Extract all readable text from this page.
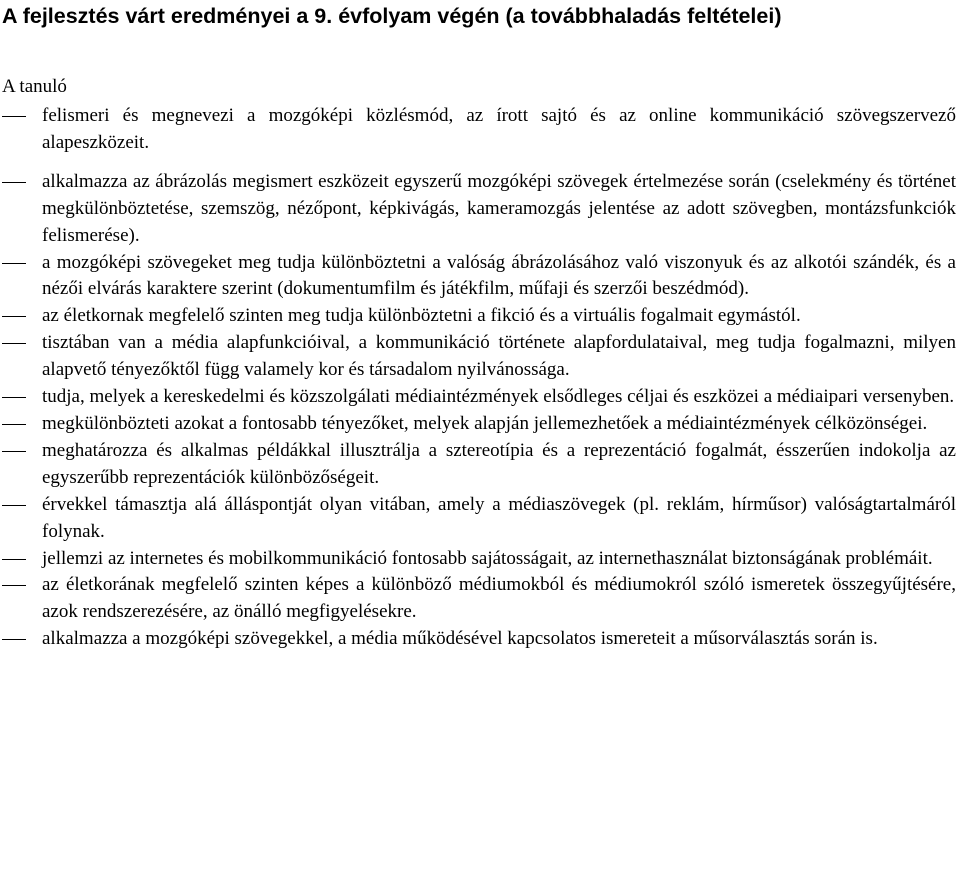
A fejlesztés várt eredményei a 9. évfolyam végén (a továbbhaladás feltételei)

A tanuló

felismeri és megnevezi a mozgóképi közlésmód, az írott sajtó és az online kommunikáció szövegszervező alapeszközeit.
alkalmazza az ábrázolás megismert eszközeit egyszerű mozgóképi szövegek értelmezése során (cselekmény és történet megkülönböztetése, szemszög, nézőpont, képkivágás, kameramozgás jelentése az adott szövegben, montázsfunkciók felismerése).
a mozgóképi szövegeket meg tudja különböztetni a valóság ábrázolásához való viszonyuk és az alkotói szándék, és a nézői elvárás karaktere szerint (dokumentumfilm és játékfilm, műfaji és szerzői beszédmód).
az életkornak megfelelő szinten meg tudja különböztetni a fikció és a virtuális fogalmait egymástól.
tisztában van a média alapfunkcióival, a kommunikáció története alapfordulataival, meg tudja fogalmazni, milyen alapvető tényezőktől függ valamely kor és társadalom nyilvánossága.
tudja, melyek a kereskedelmi és közszolgálati médiaintézmények elsődleges céljai és eszközei a médiaipari versenyben.
megkülönbözteti azokat a fontosabb tényezőket, melyek alapján jellemezhetőek a médiaintézmények célközönségei.
meghatározza és alkalmas példákkal illusztrálja a sztereotípia és a reprezentáció fogalmát, ésszerűen indokolja az egyszerűbb reprezentációk különbözőségeit.
érvekkel támasztja alá álláspontját olyan vitában, amely a médiaszövegek (pl. reklám, hírműsor) valóságtartalmáról folynak.
jellemzi az internetes és mobilkommunikáció fontosabb sajátosságait, az internethasználat biztonságának problémáit.
az életkorának megfelelő szinten képes a különböző médiumokból és médiumokról szóló ismeretek összegyűjtésére, azok rendszerezésére, az önálló megfigyelésekre.
alkalmazza a mozgóképi szövegekkel, a média működésével kapcsolatos ismereteit a műsorválasztás során is.
